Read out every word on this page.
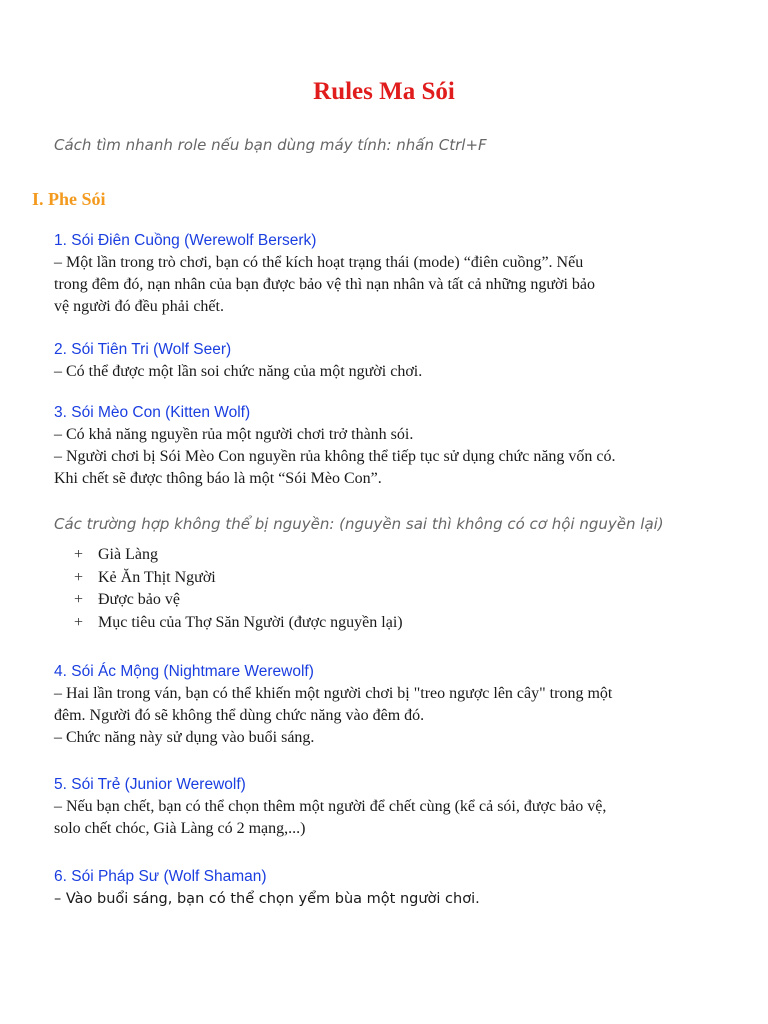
Rules Ma Sói
Cách tìm nhanh role nếu bạn dùng máy tính: nhấn Ctrl+F
I. Phe Sói
1. Sói Điên Cuồng (Werewolf Berserk)
– Một lần trong trò chơi, bạn có thể kích hoạt trạng thái (mode) “điên cuồng”. Nếu
trong đêm đó, nạn nhân của bạn được bảo vệ thì nạn nhân và tất cả những người bảo
vệ người đó đều phải chết.
2. Sói Tiên Tri (Wolf Seer)
– Có thể được một lần soi chức năng của một người chơi.
3. Sói Mèo Con (Kitten Wolf)
– Có khả năng nguyền rủa một người chơi trở thành sói.
– Người chơi bị Sói Mèo Con nguyền rủa không thể tiếp tục sử dụng chức năng vốn có.
Khi chết sẽ được thông báo là một “Sói Mèo Con”.
Các trường hợp không thể bị nguyền: (nguyền sai thì không có cơ hội nguyền lại)
+ Già Làng
+ Kẻ Ăn Thịt Người
+ Được bảo vệ
+ Mục tiêu của Thợ Săn Người (được nguyền lại)
4. Sói Ác Mộng (Nightmare Werewolf)
– Hai lần trong ván, bạn có thể khiến một người chơi bị "treo ngược lên cây" trong một
đêm. Người đó sẽ không thể dùng chức năng vào đêm đó.
– Chức năng này sử dụng vào buổi sáng.
5. Sói Trẻ (Junior Werewolf)
– Nếu bạn chết, bạn có thể chọn thêm một người để chết cùng (kể cả sói, được bảo vệ,
solo chết chóc, Già Làng có 2 mạng,...)
6. Sói Pháp Sư (Wolf Shaman)
– Vào buổi sáng, bạn có thể chọn yểm bùa một người chơi.
